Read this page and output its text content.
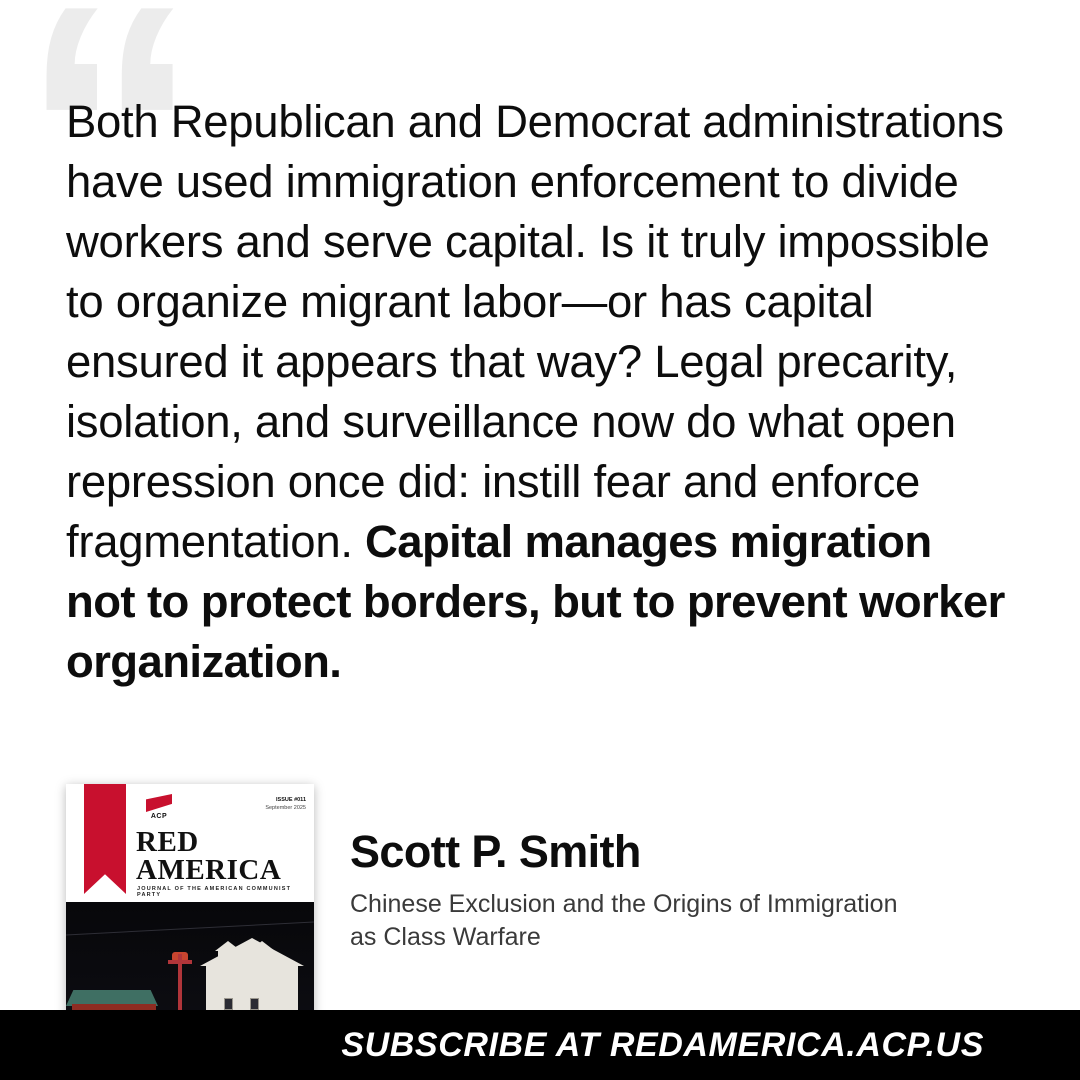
“
Both Republican and Democrat administrations have used immigration enforcement to divide workers and serve capital. Is it truly impossible to organize migrant labor—or has capital ensured it appears that way? Legal precarity, isolation, and surveillance now do what open repression once did: instill fear and enforce fragmentation. Capital manages migration not to protect borders, but to prevent worker organization.
ACP
ISSUE #011
September 2025
RED
AMERICA
JOURNAL OF THE AMERICAN COMMUNIST PARTY
Scott P. Smith
Chinese Exclusion and the Origins of Immigration as Class Warfare
SUBSCRIBE AT REDAMERICA.ACP.US
